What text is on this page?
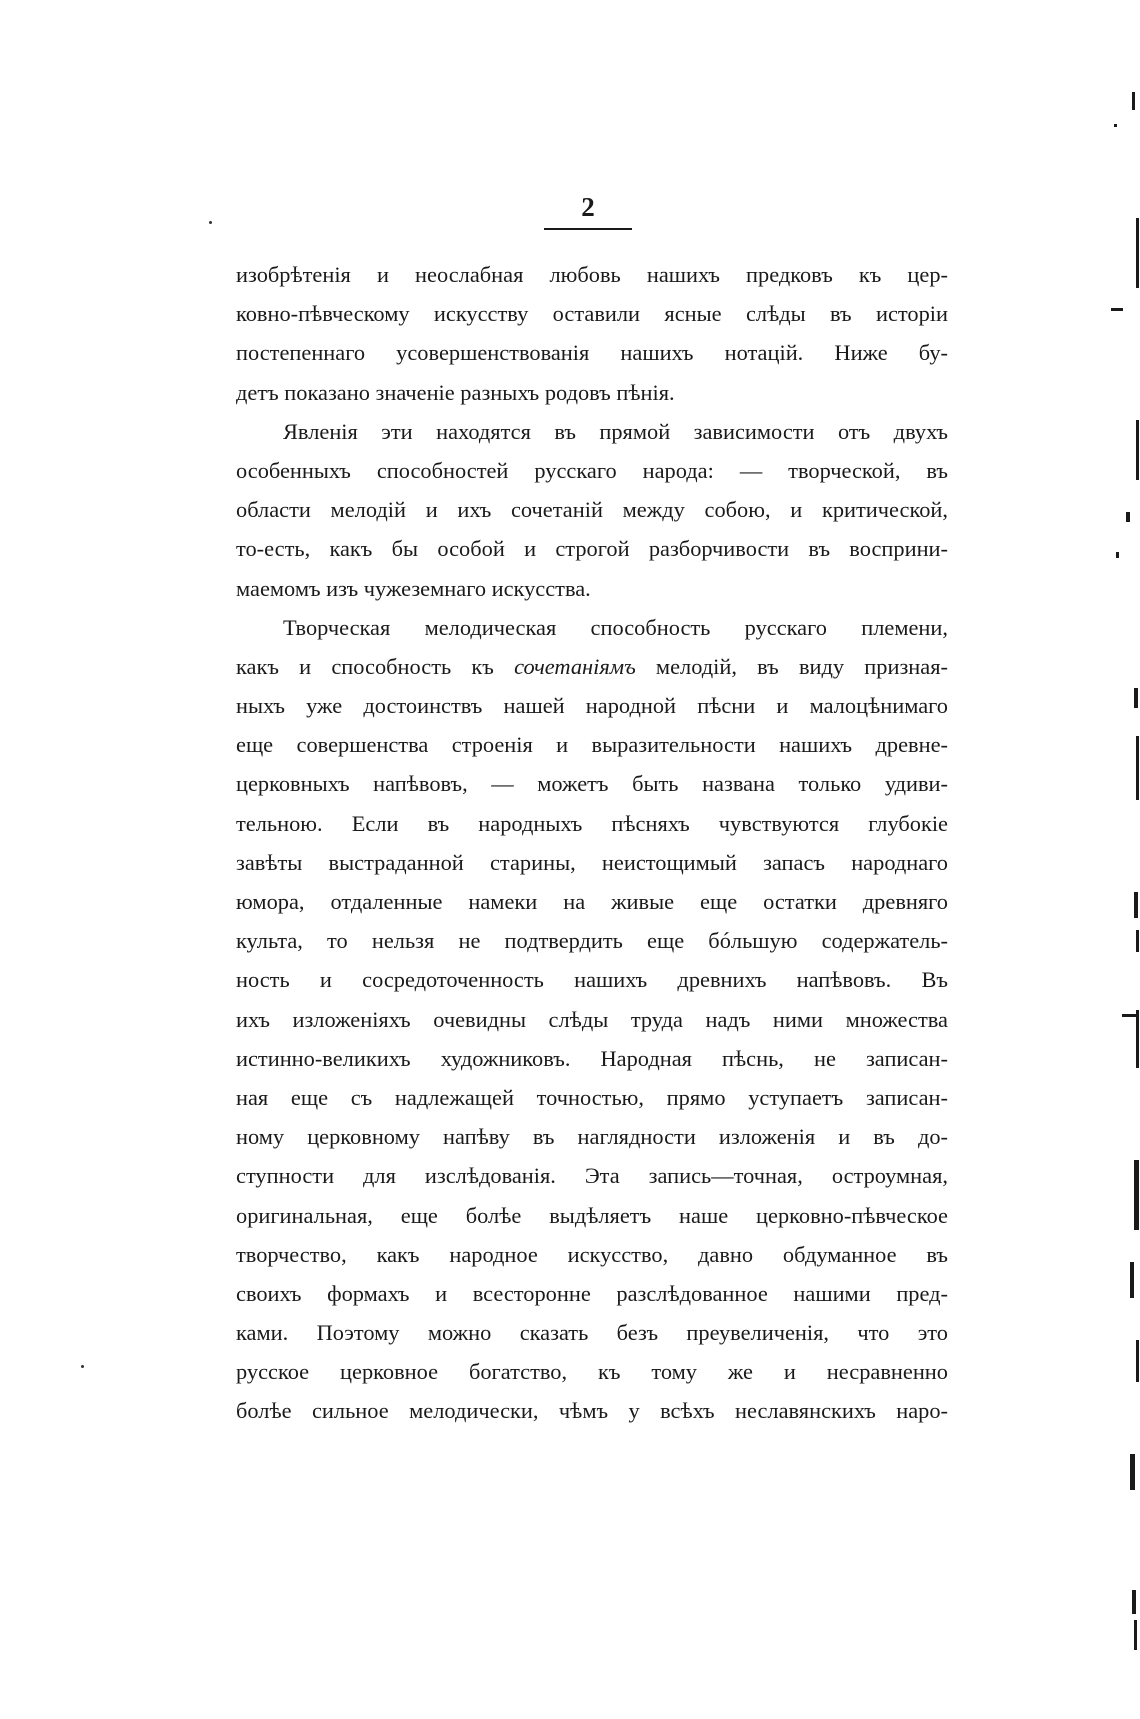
2
изобрѣтенія и неослабная любовь нашихъ предковъ къ цер-
ковно-пѣвческому искусству оставили ясные слѣды въ исторіи
постепеннаго усовершенствованія нашихъ нотацій. Ниже бу-
детъ показано значеніе разныхъ родовъ пѣнія.
Явленія эти находятся въ прямой зависимости отъ двухъ
особенныхъ способностей русскаго народа: — творческой, въ
области мелодій и ихъ сочетаній между собою, и критической,
то-есть, какъ бы особой и строгой разборчивости въ восприни-
маемомъ изъ чужеземнаго искусства.
Творческая мелодическая способность русскаго племени,
какъ и способность къ сочетаніямъ мелодій, въ виду призная-
ныхъ уже достоинствъ нашей народной пѣсни и малоцѣнимаго
еще совершенства строенія и выразительности нашихъ древне-
церковныхъ напѣвовъ, — можетъ быть названа только удиви-
тельною. Если въ народныхъ пѣсняхъ чувствуются глубокіе
завѣты выстраданной старины, неистощимый запасъ народнаго
юмора, отдаленные намеки на живые еще остатки древняго
культа, то нельзя не подтвердить еще бóльшую содержатель-
ность и сосредоточенность нашихъ древнихъ напѣвовъ. Въ
ихъ изложеніяхъ очевидны слѣды труда надъ ними множества
истинно-великихъ художниковъ. Народная пѣснь, не записан-
ная еще съ надлежащей точностью, прямо уступаетъ записан-
ному церковному напѣву въ наглядности изложенія и въ до-
ступности для изслѣдованія. Эта запись—точная, остроумная,
оригинальная, еще болѣе выдѣляетъ наше церковно-пѣвческое
творчество, какъ народное искусство, давно обдуманное въ
своихъ формахъ и всесторонне разслѣдованное нашими пред-
ками. Поэтому можно сказать безъ преувеличенія, что это
русское церковное богатство, къ тому же и несравненно
болѣе сильное мелодически, чѣмъ у всѣхъ неславянскихъ наро-
